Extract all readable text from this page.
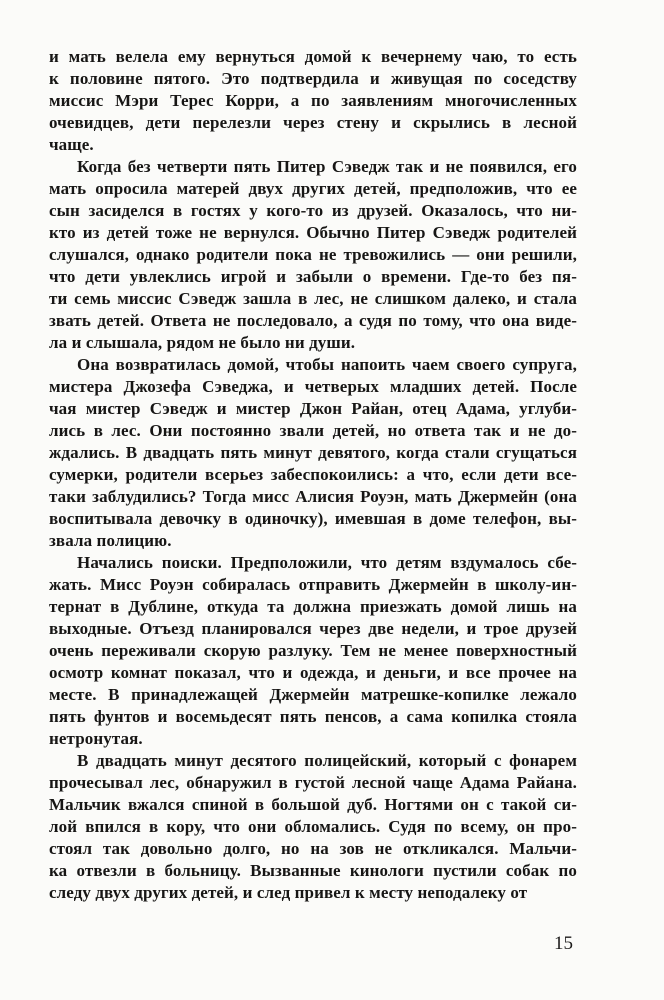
и мать велела ему вернуться домой к вечернему чаю, то есть
к половине пятого. Это подтвердила и живущая по соседству
миссис Мэри Терес Корри, а по заявлениям многочисленных
очевидцев, дети перелезли через стену и скрылись в лесной
чаще.
Когда без четверти пять Питер Сэведж так и не появился, его
мать опросила матерей двух других детей, предположив, что ее
сын засиделся в гостях у кого-то из друзей. Оказалось, что ни-
кто из детей тоже не вернулся. Обычно Питер Сэведж родителей
слушался, однако родители пока не тревожились — они решили,
что дети увлеклись игрой и забыли о времени. Где-то без пя-
ти семь миссис Сэведж зашла в лес, не слишком далеко, и стала
звать детей. Ответа не последовало, а судя по тому, что она виде-
ла и слышала, рядом не было ни души.
Она возвратилась домой, чтобы напоить чаем своего супруга,
мистера Джозефа Сэведжа, и четверых младших детей. После
чая мистер Сэведж и мистер Джон Райан, отец Адама, углуби-
лись в лес. Они постоянно звали детей, но ответа так и не до-
ждались. В двадцать пять минут девятого, когда стали сгущаться
сумерки, родители всерьез забеспокоились: а что, если дети все-
таки заблудились? Тогда мисс Алисия Роуэн, мать Джермейн (она
воспитывала девочку в одиночку), имевшая в доме телефон, вы-
звала полицию.
Начались поиски. Предположили, что детям вздумалось сбе-
жать. Мисс Роуэн собиралась отправить Джермейн в школу-ин-
тернат в Дублине, откуда та должна приезжать домой лишь на
выходные. Отъезд планировался через две недели, и трое друзей
очень переживали скорую разлуку. Тем не менее поверхностный
осмотр комнат показал, что и одежда, и деньги, и все прочее на
месте. В принадлежащей Джермейн матрешке-копилке лежало
пять фунтов и восемьдесят пять пенсов, а сама копилка стояла
нетронутая.
В двадцать минут десятого полицейский, который с фонарем
прочесывал лес, обнаружил в густой лесной чаще Адама Райана.
Мальчик вжался спиной в большой дуб. Ногтями он с такой си-
лой впился в кору, что они обломались. Судя по всему, он про-
стоял так довольно долго, но на зов не откликался. Мальчи-
ка отвезли в больницу. Вызванные кинологи пустили собак по
следу двух других детей, и след привел к месту неподалеку от
15
